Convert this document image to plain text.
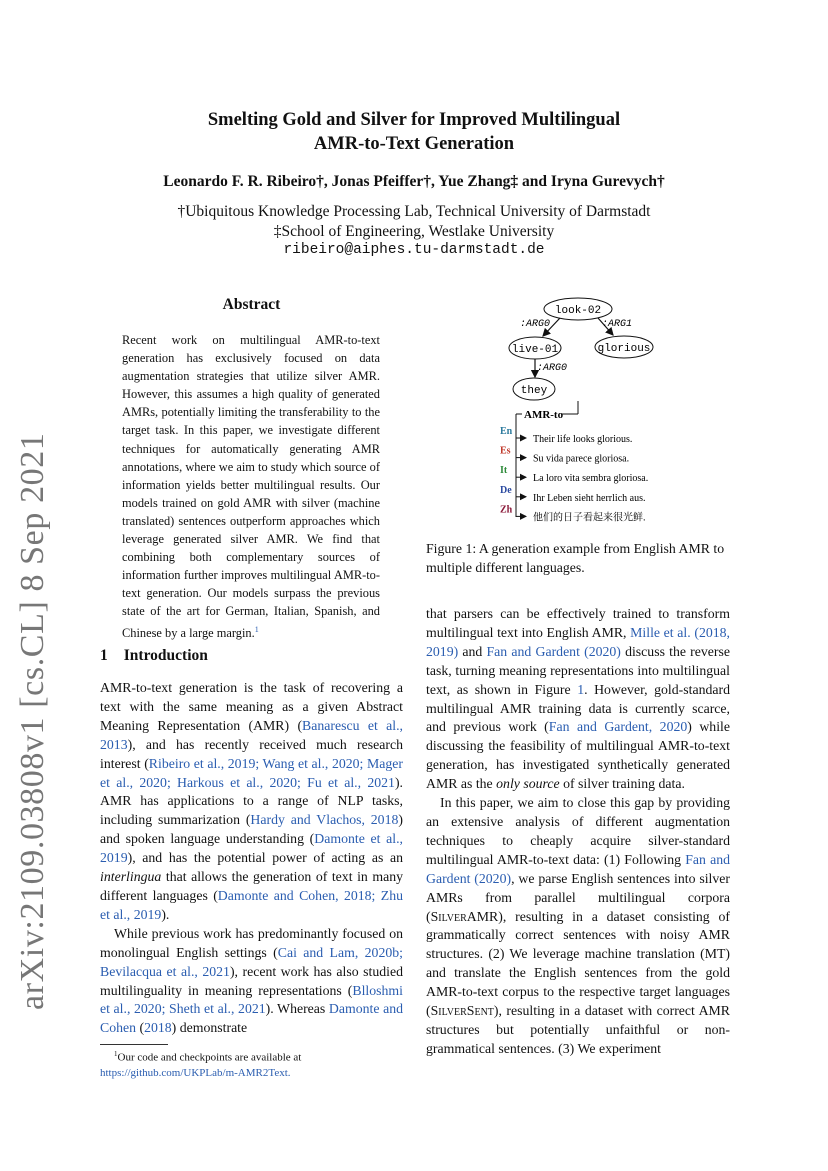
Smelting Gold and Silver for Improved Multilingual
AMR-to-Text Generation
Leonardo F. R. Ribeiro†, Jonas Pfeiffer†, Yue Zhang‡ and Iryna Gurevych†
†Ubiquitous Knowledge Processing Lab, Technical University of Darmstadt
‡School of Engineering, Westlake University
ribeiro@aiphes.tu-darmstadt.de
arXiv:2109.03808v1 [cs.CL] 8 Sep 2021
Abstract
Recent work on multilingual AMR-to-text generation has exclusively focused on data augmentation strategies that utilize silver AMR. However, this assumes a high quality of generated AMRs, potentially limiting the transferability to the target task. In this paper, we investigate different techniques for automatically generating AMR annotations, where we aim to study which source of information yields better multilingual results. Our models trained on gold AMR with silver (machine translated) sentences outperform approaches which leverage generated silver AMR. We find that combining both complementary sources of information further improves multilingual AMR-to-text generation. Our models surpass the previous state of the art for German, Italian, Spanish, and Chinese by a large margin.$^1$
1 Introduction

AMR-to-text generation is the task of recovering a text with the same meaning as a given Abstract Meaning Representation (AMR) (Banarescu et al., 2013), and has recently received much research interest (Ribeiro et al., 2019; Wang et al., 2020; Mager et al., 2020; Harkous et al., 2020; Fu et al., 2021). AMR has applications to a range of NLP tasks, including summarization (Hardy and Vlachos, 2018) and spoken language understanding (Damonte et al., 2019), and has the potential power of acting as an interlingua that allows the generation of text in many different languages (Damonte and Cohen, 2018; Zhu et al., 2019).

While previous work has predominantly focused on monolingual English settings (Cai and Lam, 2020b; Bevilacqua et al., 2021), recent work has also studied multilinguality in meaning representations (Blloshmi et al., 2020; Sheth et al., 2021). Whereas Damonte and Cohen (2018) demonstrate

$^1$Our code and checkpoints are available at
https://github.com/UKPLab/m-AMR2Text.
look-02
live-01	glorious
they
:ARG0	:ARG1
:ARG0
AMR-to
En
Their life looks glorious.
Es
Su vida parece gloriosa.
It
La loro vita sembra gloriosa.
De
Ihr Leben sieht herrlich aus.
Zh
他们的日子看起来很光鲜.
Figure 1: A generation example from English AMR to multiple different languages.

that parsers can be effectively trained to transform multilingual text into English AMR, Mille et al. (2018, 2019) and Fan and Gardent (2020) discuss the reverse task, turning meaning representations into multilingual text, as shown in Figure 1. However, gold-standard multilingual AMR training data is currently scarce, and previous work (Fan and Gardent, 2020) while discussing the feasibility of multilingual AMR-to-text generation, has investigated synthetically generated AMR as the only source of silver training data.

In this paper, we aim to close this gap by providing an extensive analysis of different augmentation techniques to cheaply acquire silver-standard multilingual AMR-to-text data: (1) Following Fan and Gardent (2020), we parse English sentences into silver AMRs from parallel multilingual corpora (SilverAMR), resulting in a dataset consisting of grammatically correct sentences with noisy AMR structures. (2) We leverage machine translation (MT) and translate the English sentences from the gold AMR-to-text corpus to the respective target languages (SilverSent), resulting in a dataset with correct AMR structures but potentially unfaithful or non-grammatical sentences. (3) We experiment
